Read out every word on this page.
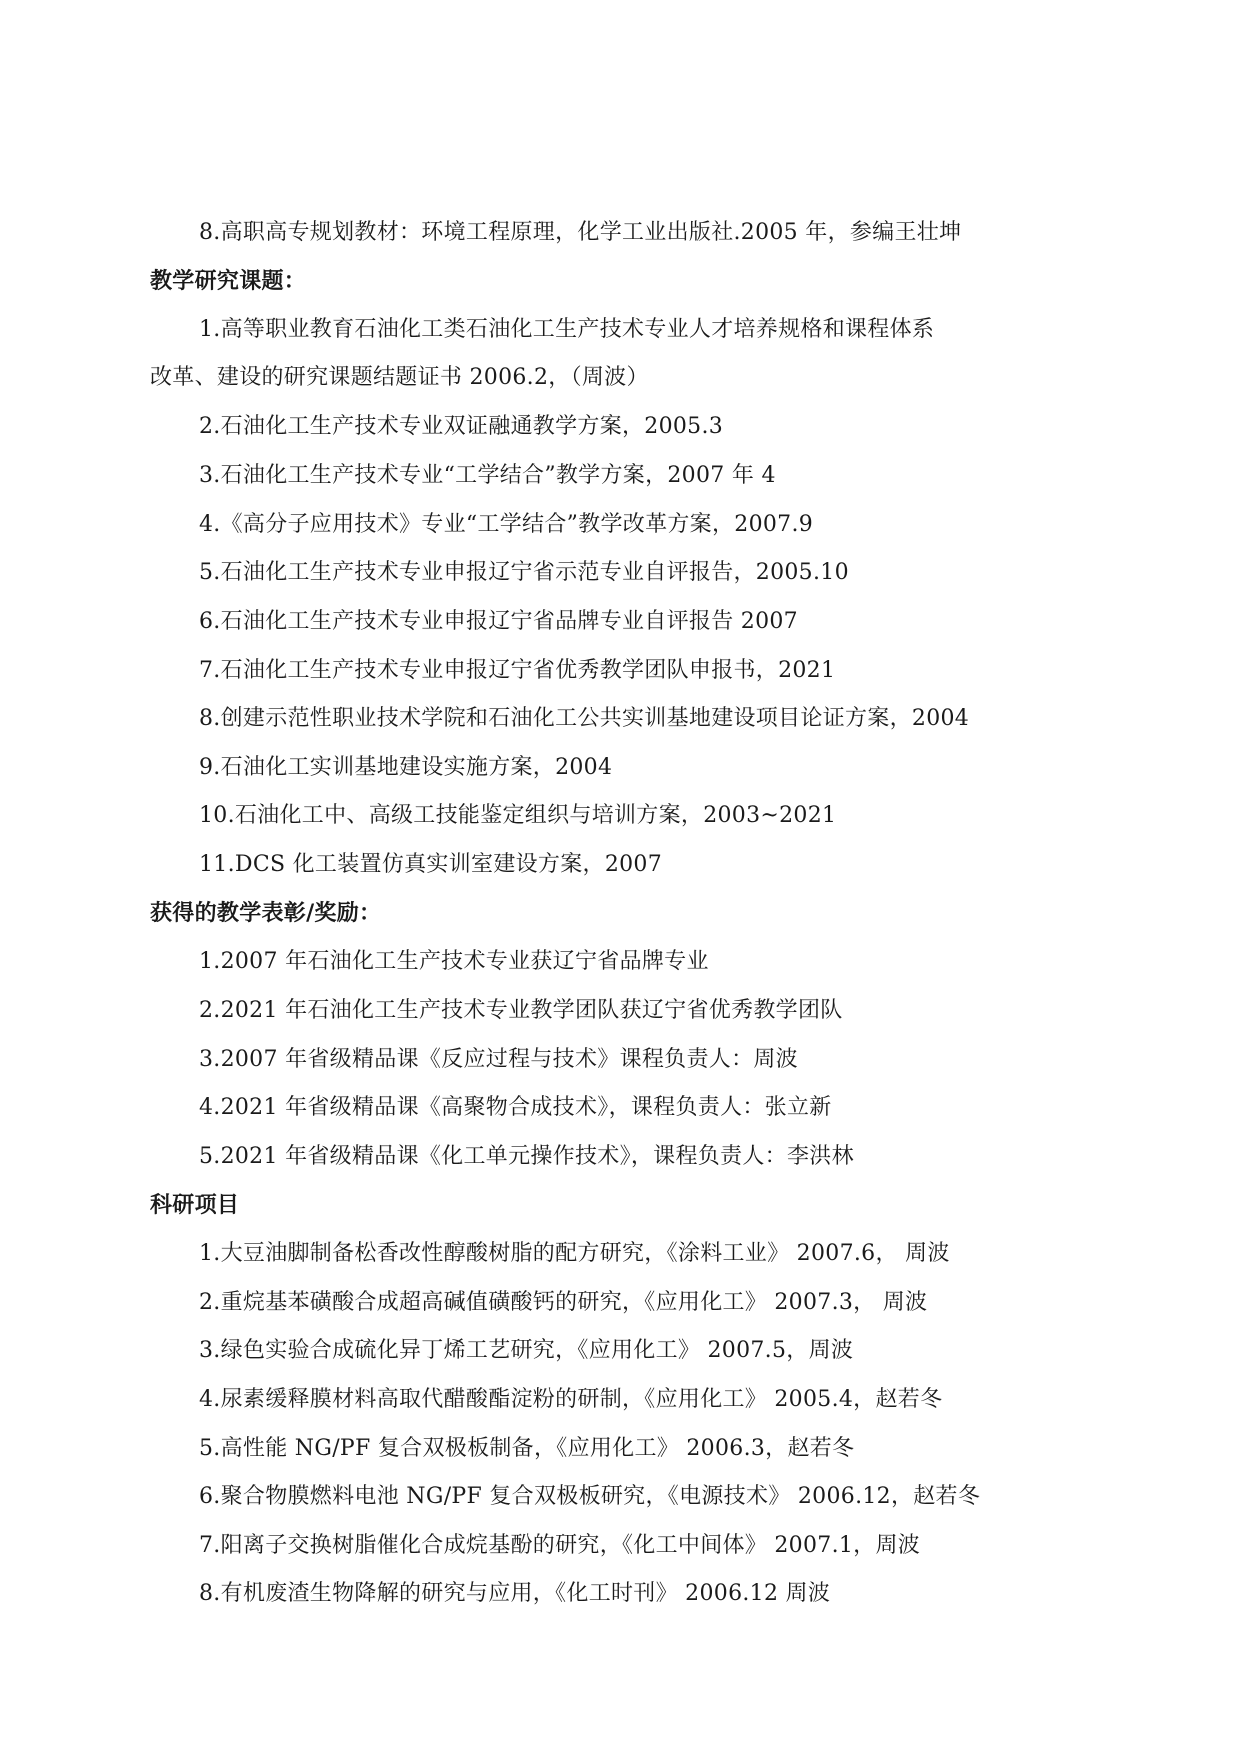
8.高职高专规划教材：环境工程原理，化学工业出版社.2005 年，参编王壮坤
教学研究课题：
1.高等职业教育石油化工类石油化工生产技术专业人才培养规格和课程体系
改革、建设的研究课题结题证书 2006.2，（周波）
2.石油化工生产技术专业双证融通教学方案，2005.3
3.石油化工生产技术专业“工学结合”教学方案，2007 年 4
4.《高分子应用技术》专业“工学结合”教学改革方案，2007.9
5.石油化工生产技术专业申报辽宁省示范专业自评报告，2005.10
6.石油化工生产技术专业申报辽宁省品牌专业自评报告 2007
7.石油化工生产技术专业申报辽宁省优秀教学团队申报书，2021
8.创建示范性职业技术学院和石油化工公共实训基地建设项目论证方案，2004
9.石油化工实训基地建设实施方案，2004
10.石油化工中、高级工技能鉴定组织与培训方案，2003~2021
11.DCS 化工装置仿真实训室建设方案，2007
获得的教学表彰/奖励：
1.2007 年石油化工生产技术专业获辽宁省品牌专业
2.2021 年石油化工生产技术专业教学团队获辽宁省优秀教学团队
3.2007 年省级精品课《反应过程与技术》课程负责人：周波
4.2021 年省级精品课《高聚物合成技术》，课程负责人：张立新
5.2021 年省级精品课《化工单元操作技术》，课程负责人：李洪林
科研项目
1.大豆油脚制备松香改性醇酸树脂的配方研究，《涂料工业》 2007.6， 周波
2.重烷基苯磺酸合成超高碱值磺酸钙的研究，《应用化工》 2007.3， 周波
3.绿色实验合成硫化异丁烯工艺研究，《应用化工》 2007.5，周波
4.尿素缓释膜材料高取代醋酸酯淀粉的研制，《应用化工》 2005.4，赵若冬
5.高性能 NG/PF 复合双极板制备，《应用化工》 2006.3，赵若冬
6.聚合物膜燃料电池 NG/PF 复合双极板研究，《电源技术》 2006.12，赵若冬
7.阳离子交换树脂催化合成烷基酚的研究，《化工中间体》 2007.1，周波
8.有机废渣生物降解的研究与应用，《化工时刊》 2006.12 周波
